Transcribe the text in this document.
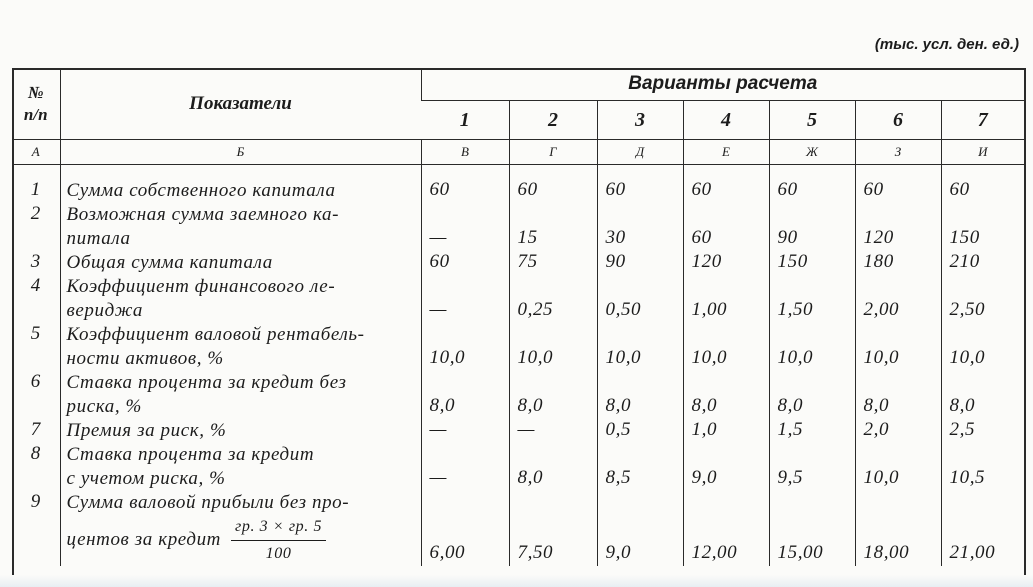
(тыс. усл. ден. ед.)
№
п/п	Показатели	Варианты расчета						
		1	2	3	4	5	6	7
А	Б	В	Г	Д	Е	Ж	З	И
1	Сумма собственного капитала	60	60	60	60	60	60	60
2	Возможная сумма заемного ка-
питала	—	15	30	60	90	120	150
3	Общая сумма капитала	60	75	90	120	150	180	210
4	Коэффициент финансового ле-
вериджа	—	0,25	0,50	1,00	1,50	2,00	2,50
5	Коэффициент валовой рентабель-
ности активов, %	10,0	10,0	10,0	10,0	10,0	10,0	10,0
6	Ставка процента за кредит без
риска, %	8,0	8,0	8,0	8,0	8,0	8,0	8,0
7	Премия за риск, %	—	—	0,5	1,0	1,5	2,0	2,5
8	Ставка процента за кредит
с учетом риска, %	—	8,0	8,5	9,0	9,5	10,0	10,5
9	Сумма валовой прибыли без про-
центов за кредит $\frac{гр. 3 \times гр. 5}{100}$	6,00	7,50	9,0	12,00	15,00	18,00	21,00
